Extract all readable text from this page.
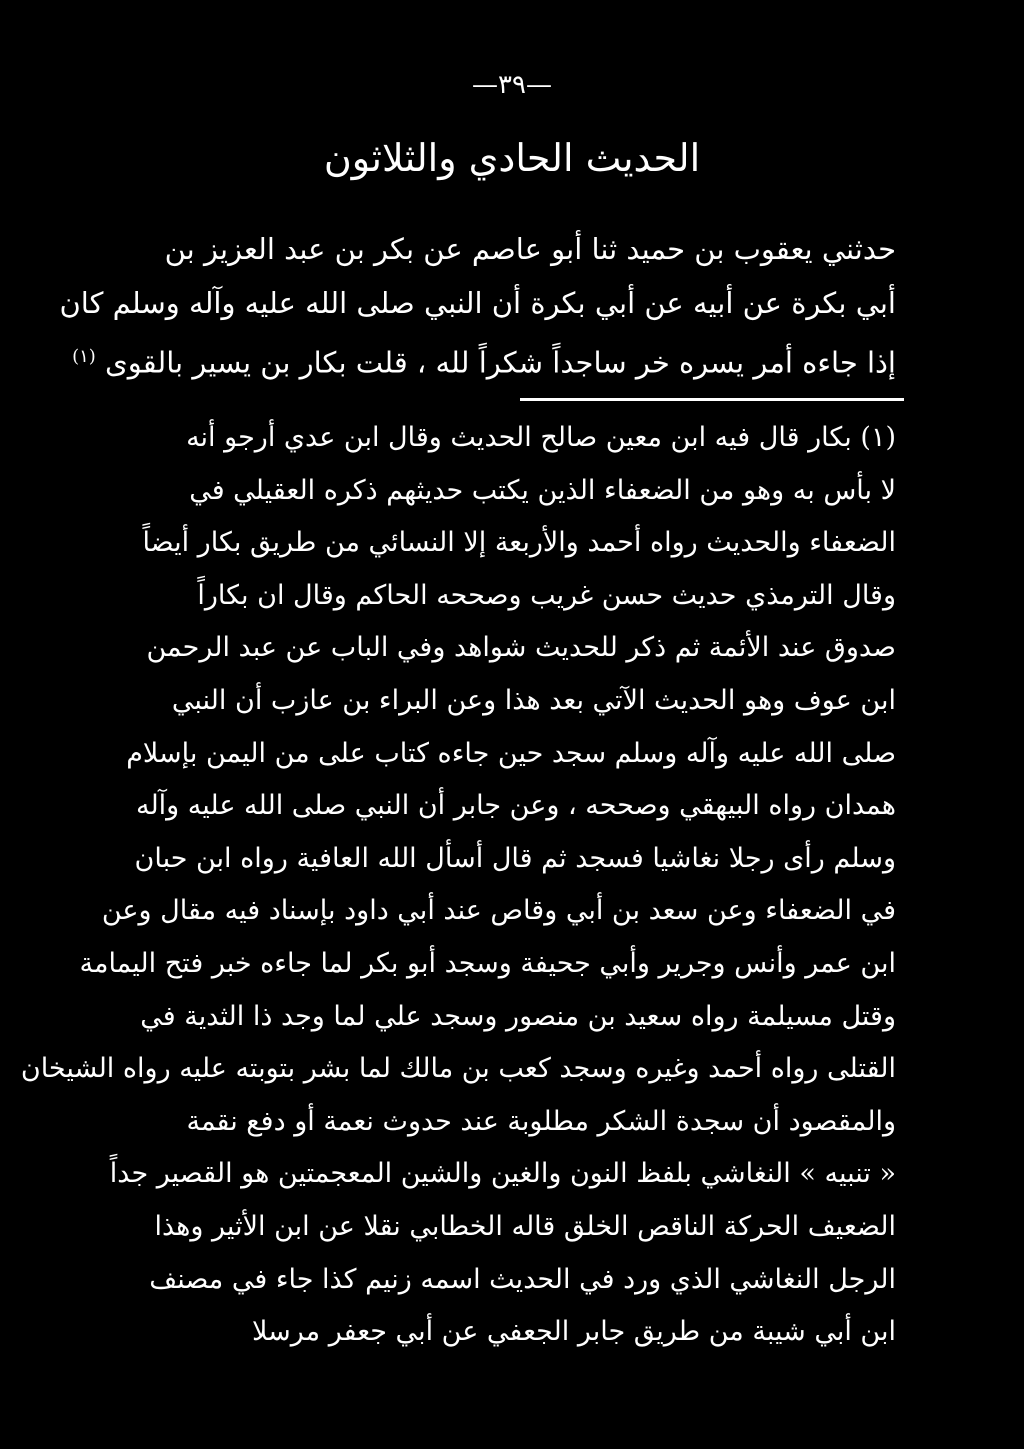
—٣٩—
الحديث الحادي والثلاثون
حدثني يعقوب بن حميد ثنا أبو عاصم عن بكر بن عبد العزيز بن
أبي بكرة عن أبيه عن أبي بكرة أن النبي صلى الله عليه وآله وسلم كان
إذا جاءه أمر يسره خر ساجداً شكراً لله ، قلت بكار بن يسير بالقوى $^{(١)}$
(١) بكار قال فيه ابن معين صالح الحديث وقال ابن عدي أرجو أنه
لا بأس به وهو من الضعفاء الذين يكتب حديثهم ذكره العقيلي في
الضعفاء والحديث رواه أحمد والأربعة إلا النسائي من طريق بكار أيضاً
وقال الترمذي حديث حسن غريب وصححه الحاكم وقال ان بكاراً
صدوق عند الأئمة ثم ذكر للحديث شواهد وفي الباب عن عبد الرحمن
ابن عوف وهو الحديث الآتي بعد هذا وعن البراء بن عازب أن النبي
صلى الله عليه وآله وسلم سجد حين جاءه كتاب على من اليمن بإسلام
همدان رواه البيهقي وصححه ، وعن جابر أن النبي صلى الله عليه وآله
وسلم رأى رجلا نغاشيا فسجد ثم قال أسأل الله العافية رواه ابن حبان
في الضعفاء وعن سعد بن أبي وقاص عند أبي داود بإسناد فيه مقال وعن
ابن عمر وأنس وجرير وأبي جحيفة وسجد أبو بكر لما جاءه خبر فتح اليمامة
وقتل مسيلمة رواه سعيد بن منصور وسجد علي لما وجد ذا الثدية في
القتلى رواه أحمد وغيره وسجد كعب بن مالك لما بشر بتوبته عليه رواه الشيخان
والمقصود أن سجدة الشكر مطلوبة عند حدوث نعمة أو دفع نقمة
« تنبيه » النغاشي بلفظ النون والغين والشين المعجمتين هو القصير جداً
الضعيف الحركة الناقص الخلق قاله الخطابي نقلا عن ابن الأثير وهذا
الرجل النغاشي الذي ورد في الحديث اسمه زنيم كذا جاء في مصنف
ابن أبي شيبة من طريق جابر الجعفي عن أبي جعفر مرسلا
